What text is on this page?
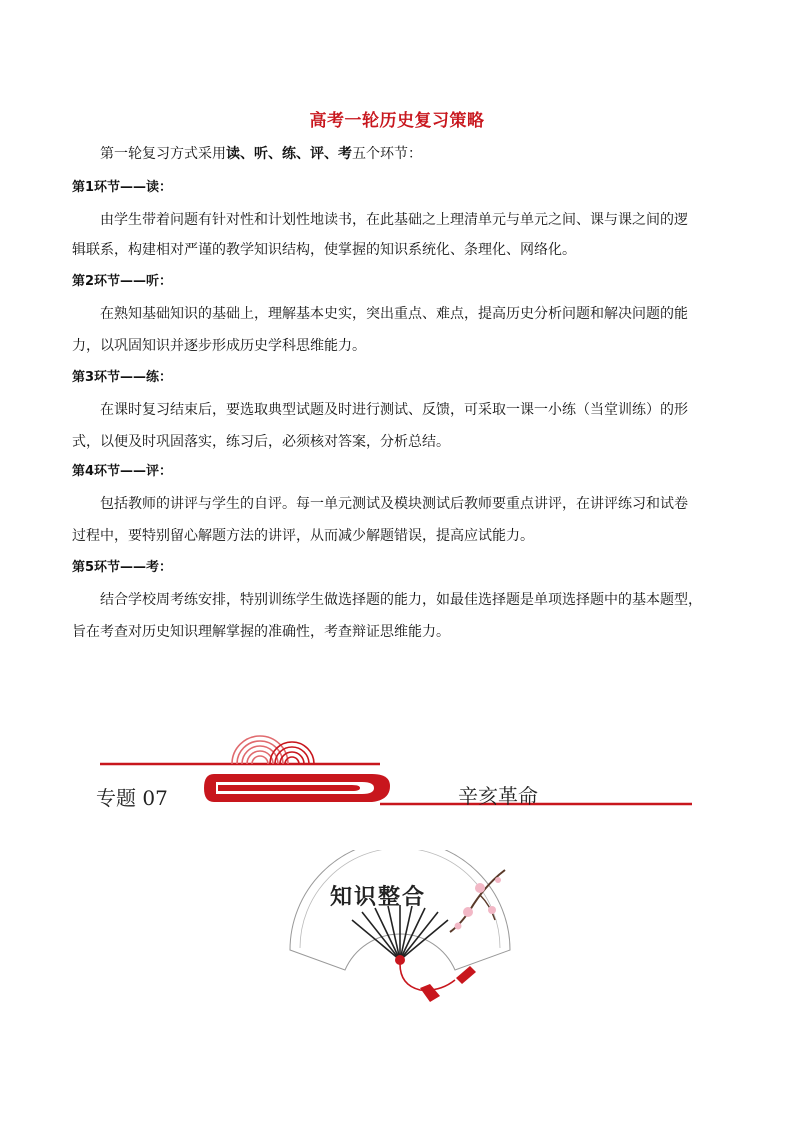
高考一轮历史复习策略
第一轮复习方式采用读、听、练、评、考五个环节：
第1环节——读：
由学生带着问题有针对性和计划性地读书，在此基础之上理清单元与单元之间、课与课之间的逻
辑联系，构建相对严谨的教学知识结构，使掌握的知识系统化、条理化、网络化。
第2环节——听：
在熟知基础知识的基础上，理解基本史实，突出重点、难点，提高历史分析问题和解决问题的能
力，以巩固知识并逐步形成历史学科思维能力。
第3环节——练：
在课时复习结束后，要选取典型试题及时进行测试、反馈，可采取一课一小练（当堂训练）的形
式，以便及时巩固落实，练习后，必须核对答案，分析总结。
第4环节——评：
包括教师的讲评与学生的自评。每一单元测试及模块测试后教师要重点讲评，在讲评练习和试卷
过程中，要特别留心解题方法的讲评，从而减少解题错误，提高应试能力。
第5环节——考：
结合学校周考练安排，特别训练学生做选择题的能力，如最佳选择题是单项选择题中的基本题型，
旨在考查对历史知识理解掌握的准确性，考查辩证思维能力。
专题 07	辛亥革命
知识整合
